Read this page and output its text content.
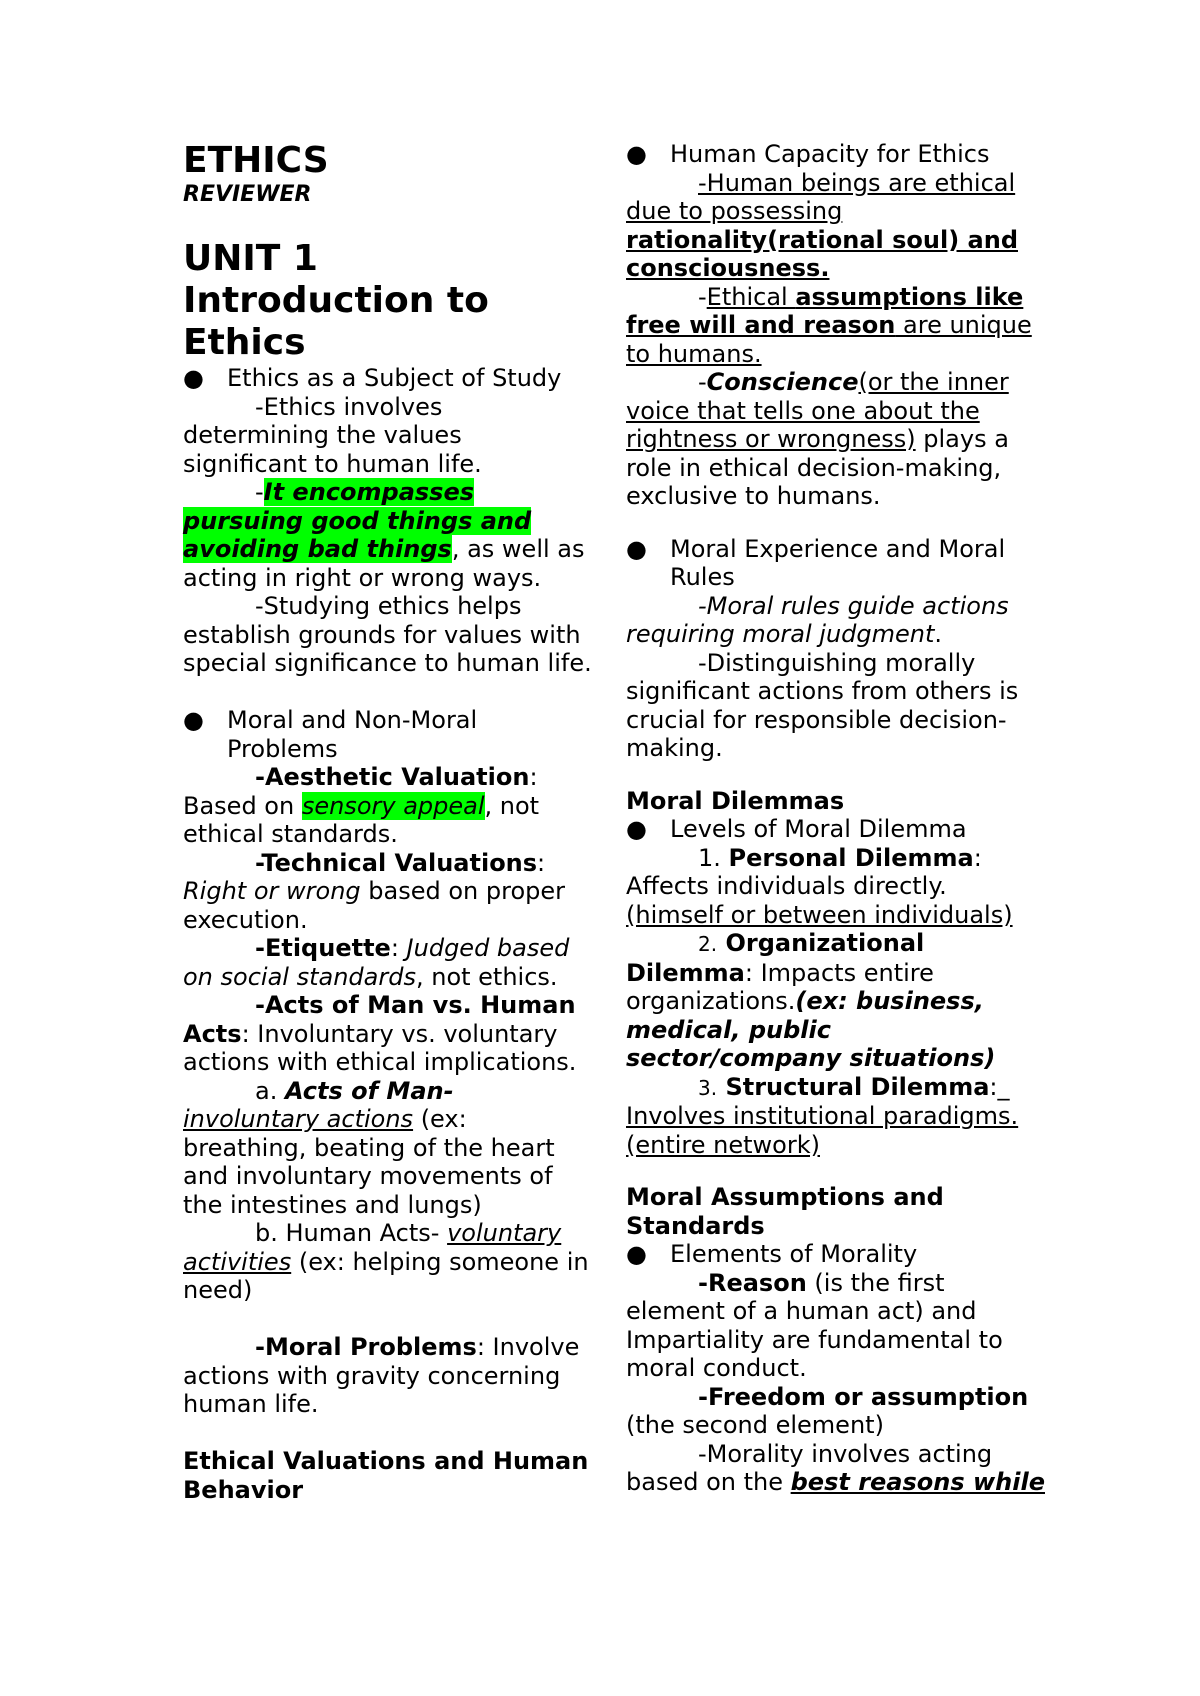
ETHICS
REVIEWER
UNIT 1
Introduction to
Ethics
● Ethics as a Subject of Study
-Ethics involves determining the values significant to human life.
-It encompasses pursuing good things and avoiding bad things, as well as acting in right or wrong ways.
-Studying ethics helps establish grounds for values with special significance to human life.
● Moral and Non-Moral Problems
-Aesthetic Valuation: Based on sensory appeal, not ethical standards.
-Technical Valuations:
Right or wrong based on proper execution.
-Etiquette: Judged based on social standards, not ethics.
-Acts of Man vs. Human Acts: Involuntary vs. voluntary actions with ethical implications.
a. Acts of Man-
involuntary actions (ex: breathing, beating of the heart and involuntary movements of the intestines and lungs)
b. Human Acts- voluntary activities (ex: helping someone in need)
-Moral Problems: Involve actions with gravity concerning human life.
Ethical Valuations and Human Behavior
● Human Capacity for Ethics
-Human beings are ethical due to possessing rationality(rational soul) and consciousness.
-Ethical assumptions like free will and reason are unique to humans.
-Conscience(or the inner voice that tells one about the rightness or wrongness) plays a role in ethical decision-making, exclusive to humans.
● Moral Experience and Moral Rules
-Moral rules guide actions requiring moral judgment.
-Distinguishing morally significant actions from others is crucial for responsible decision-making.
Moral Dilemmas
● Levels of Moral Dilemma
1. Personal Dilemma: Affects individuals directly. (himself or between individuals)
2. Organizational Dilemma: Impacts entire organizations.(ex: business, medical, public sector/company situations)
3. Structural Dilemma:_ Involves institutional paradigms. (entire network)
Moral Assumptions and Standards
● Elements of Morality
-Reason (is the first element of a human act) and Impartiality are fundamental to moral conduct.
-Freedom or assumption (the second element)
-Morality involves acting based on the best reasons while
